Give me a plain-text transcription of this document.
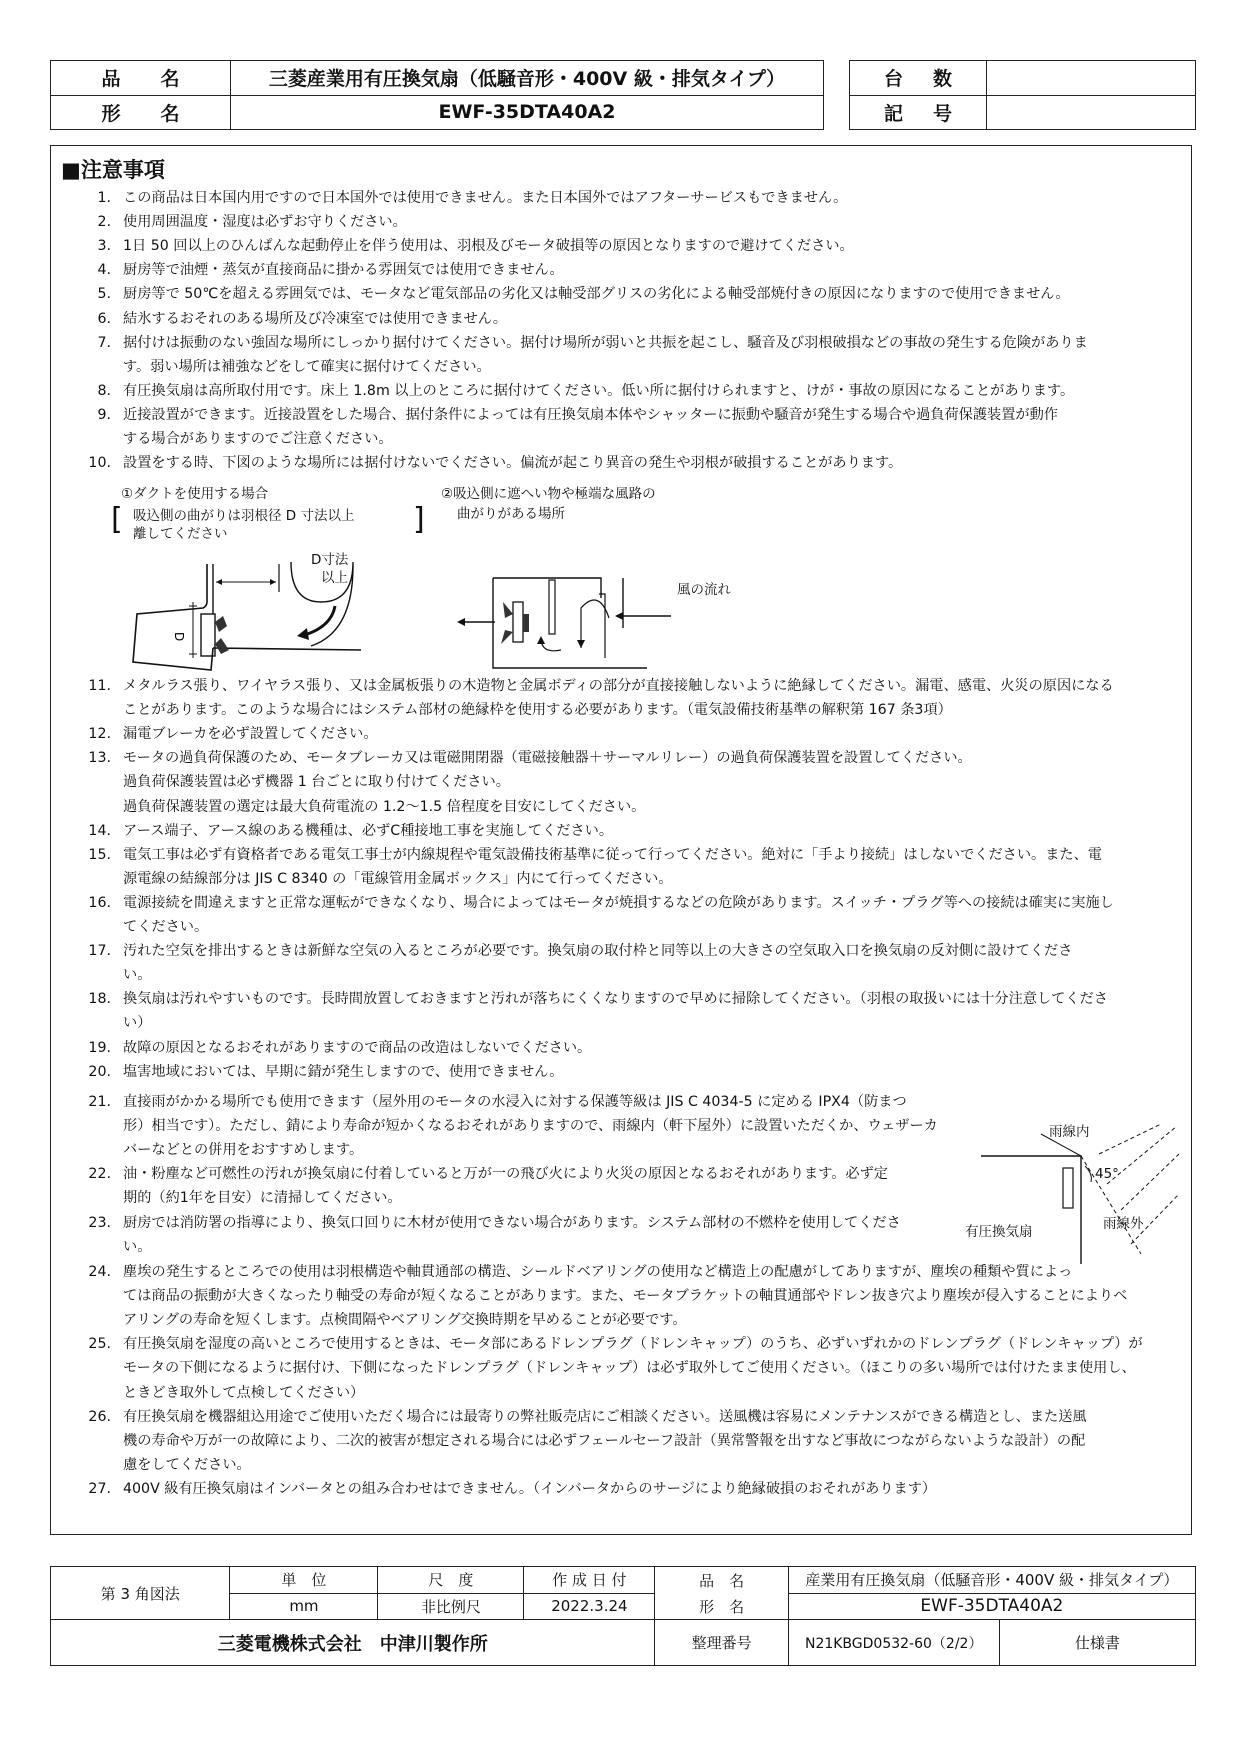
品名	三菱産業用有圧換気扇（低騒音形・400V 級・排気タイプ）		台数	
形名	EWF-35DTA40A2		記号	
■注意事項
1. この商品は日本国内用ですので日本国外では使用できません。また日本国外ではアフターサービスもできません。
2. 使用周囲温度・湿度は必ずお守りください。
3. 1日 50 回以上のひんぱんな起動停止を伴う使用は、羽根及びモータ破損等の原因となりますので避けてください。
4. 厨房等で油煙・蒸気が直接商品に掛かる雰囲気では使用できません。
5. 厨房等で 50℃を超える雰囲気では、モータなど電気部品の劣化又は軸受部グリスの劣化による軸受部焼付きの原因になりますので使用できません。
6. 結氷するおそれのある場所及び冷凍室では使用できません。
7. 据付けは振動のない強固な場所にしっかり据付けてください。据付け場所が弱いと共振を起こし、騒音及び羽根破損などの事故の発生する危険がありま
す。弱い場所は補強などをして確実に据付けてください。
8. 有圧換気扇は高所取付用です。床上 1.8m 以上のところに据付けてください。低い所に据付けられますと、けが・事故の原因になることがあります。
9. 近接設置ができます。近接設置をした場合、据付条件によっては有圧換気扇本体やシャッターに振動や騒音が発生する場合や過負荷保護装置が動作
する場合がありますのでご注意ください。
10. 設置をする時、下図のような場所には据付けないでください。偏流が起こり異音の発生や羽根が破損することがあります。
①ダクトを使用する場合
[ 吸込側の曲がりは羽根径 D 寸法以上
離してください	]
D寸法
以上
D
②吸込側に遮へい物や極端な風路の
曲がりがある場所
風の流れ
11. メタルラス張り、ワイヤラス張り、又は金属板張りの木造物と金属ボディの部分が直接接触しないように絶縁してください。漏電、感電、火災の原因になる
ことがあります。このような場合にはシステム部材の絶縁枠を使用する必要があります。（電気設備技術基準の解釈第 167 条3項）
12. 漏電ブレーカを必ず設置してください。
13. モータの過負荷保護のため、モータブレーカ又は電磁開閉器（電磁接触器＋サーマルリレー）の過負荷保護装置を設置してください。
過負荷保護装置は必ず機器 1 台ごとに取り付けてください。
過負荷保護装置の選定は最大負荷電流の 1.2～1.5 倍程度を目安にしてください。
14. アース端子、アース線のある機種は、必ずC種接地工事を実施してください。
15. 電気工事は必ず有資格者である電気工事士が内線規程や電気設備技術基準に従って行ってください。絶対に「手より接続」はしないでください。また、電
源電線の結線部分は JIS C 8340 の「電線管用金属ボックス」内にて行ってください。
16. 電源接続を間違えますと正常な運転ができなくなり、場合によってはモータが焼損するなどの危険があります。スイッチ・プラグ等への接続は確実に実施し
てください。
17. 汚れた空気を排出するときは新鮮な空気の入るところが必要です。換気扇の取付枠と同等以上の大きさの空気取入口を換気扇の反対側に設けてくださ
い。
18. 換気扇は汚れやすいものです。長時間放置しておきますと汚れが落ちにくくなりますので早めに掃除してください。（羽根の取扱いには十分注意してくださ
い）
19. 故障の原因となるおそれがありますので商品の改造はしないでください。
20. 塩害地域においては、早期に錆が発生しますので、使用できません。
21. 直接雨がかかる場所でも使用できます（屋外用のモータの水浸入に対する保護等級は JIS C 4034-5 に定める IPX4（防まつ
形）相当です）。ただし、錆により寿命が短かくなるおそれがありますので、雨線内（軒下屋外）に設置いただくか、ウェザーカ
バーなどとの併用をおすすめします。
22. 油・粉塵など可燃性の汚れが換気扇に付着していると万が一の飛び火により火災の原因となるおそれがあります。必ず定
期的（約1年を目安）に清掃してください。
23. 厨房では消防署の指導により、換気口回りに木材が使用できない場合があります。システム部材の不燃枠を使用してくださ
い。
雨線内
45°
雨線外
有圧換気扇
24. 塵埃の発生するところでの使用は羽根構造や軸貫通部の構造、シールドベアリングの使用など構造上の配慮がしてありますが、塵埃の種類や質によっ
ては商品の振動が大きくなったり軸受の寿命が短くなることがあります。また、モータブラケットの軸貫通部やドレン抜き穴より塵埃が侵入することによりベ
アリングの寿命を短くします。点検間隔やベアリング交換時期を早めることが必要です。
25. 有圧換気扇を湿度の高いところで使用するときは、モータ部にあるドレンプラグ（ドレンキャップ）のうち、必ずいずれかのドレンプラグ（ドレンキャップ）が
モータの下側になるように据付け、下側になったドレンプラグ（ドレンキャップ）は必ず取外してご使用ください。（ほこりの多い場所では付けたまま使用し、
ときどき取外して点検してください）
26. 有圧換気扇を機器組込用途でご使用いただく場合には最寄りの弊社販売店にご相談ください。送風機は容易にメンテナンスができる構造とし、また送風
機の寿命や万が一の故障により、二次的被害が想定される場合には必ずフェールセーフ設計（異常警報を出すなど事故につながらないような設計）の配
慮をしてください。
27. 400V 級有圧換気扇はインバータとの組み合わせはできません。（インバータからのサージにより絶縁破損のおそれがあります）
第 3 角図法	単　位	尺　度	作 成 日 付	品　名	産業用有圧換気扇（低騒音形・400V 級・排気タイプ）	
	mm	非比例尺	2022.3.24	形　名	EWF-35DTA40A2	
三菱電機株式会社　中津川製作所				整理番号	N21KBGD0532-60（2/2）	仕様書
